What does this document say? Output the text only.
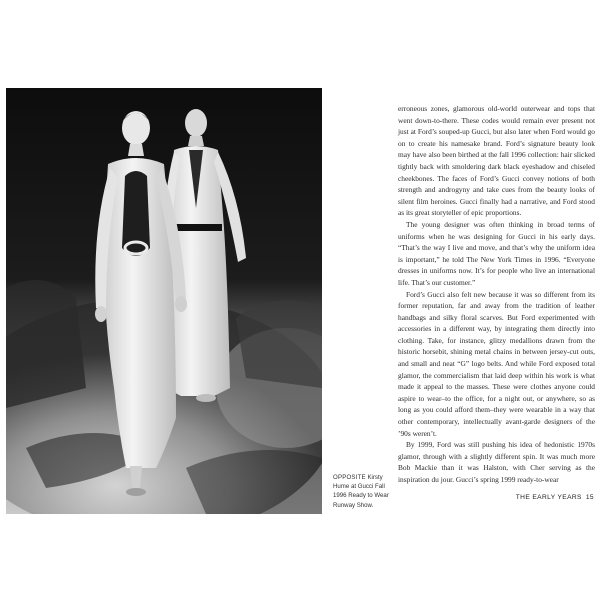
OPPOSITE Kirsty Hume at Gucci Fall 1996 Ready to Wear Runway Show.

erroneous zones, glamorous old-world outerwear and tops that went down-to-there. These codes would remain ever present not just at Ford’s souped-up Gucci, but also later when Ford would go on to create his namesake brand. Ford’s signature beauty look may have also been birthed at the fall 1996 collection: hair slicked tightly back with smoldering dark black eyeshadow and chiseled cheekbones. The faces of Ford’s Gucci convey notions of both strength and androgyny and take cues from the beauty looks of silent film heroines. Gucci finally had a narrative, and Ford stood as its great storyteller of epic proportions.

The young designer was often thinking in broad terms of uniforms when he was designing for Gucci in his early days. “That’s the way I live and move, and that’s why the uniform idea is important,” he told The New York Times in 1996. “Everyone dresses in uniforms now. It’s for people who live an international life. That’s our customer.”

Ford’s Gucci also felt new because it was so different from its former reputation, far and away from the tradition of leather handbags and silky floral scarves. But Ford experimented with accessories in a different way, by integrating them directly into clothing. Take, for instance, glitzy medallions drawn from the historic horsebit, shining metal chains in between jersey-cut outs, and small and neat “G” logo belts. And while Ford exposed total glamor, the commercialism that laid deep within his work is what made it appeal to the masses. These were clothes anyone could aspire to wear–to the office, for a night out, or anywhere, so as long as you could afford them–they were wearable in a way that other contemporary, intellectually avant-garde designers of the ’90s weren’t.

By 1999, Ford was still pushing his idea of hedonistic 1970s glamor, through with a slightly different spin. It was much more Bob Mackie than it was Halston, with Cher serving as the inspiration du jour. Gucci’s spring 1999 ready-to-wear

THE EARLY YEARS 15
